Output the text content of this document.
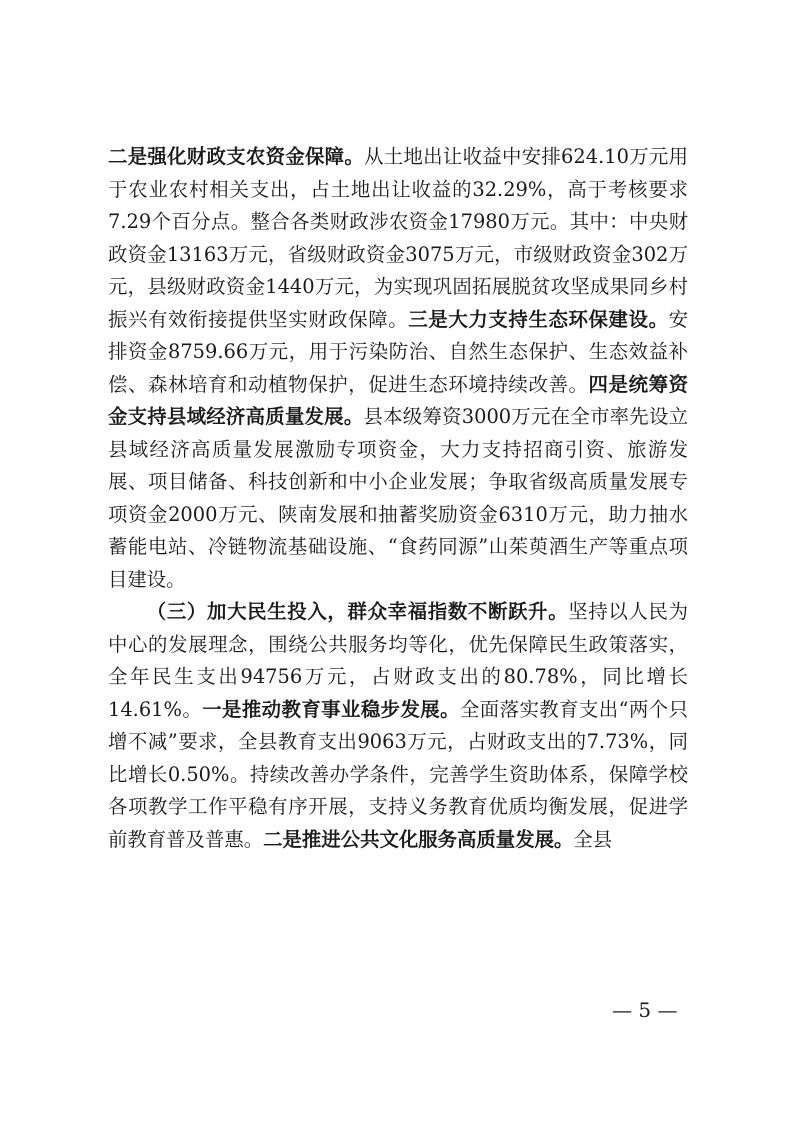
二是强化财政支农资金保障。从土地出让收益中安排624.10万元用于农业农村相关支出，占土地出让收益的32.29%，高于考核要求7.29个百分点。整合各类财政涉农资金17980万元。其中：中央财政资金13163万元，省级财政资金3075万元，市级财政资金302万元，县级财政资金1440万元，为实现巩固拓展脱贫攻坚成果同乡村振兴有效衔接提供坚实财政保障。三是大力支持生态环保建设。安排资金8759.66万元，用于污染防治、自然生态保护、生态效益补偿、森林培育和动植物保护，促进生态环境持续改善。四是统筹资金支持县域经济高质量发展。县本级筹资3000万元在全市率先设立县域经济高质量发展激励专项资金，大力支持招商引资、旅游发展、项目储备、科技创新和中小企业发展；争取省级高质量发展专项资金2000万元、陕南发展和抽蓄奖励资金6310万元，助力抽水蓄能电站、冷链物流基础设施、“食药同源”山茱萸酒生产等重点项目建设。

（三）加大民生投入，群众幸福指数不断跃升。坚持以人民为中心的发展理念，围绕公共服务均等化，优先保障民生政策落实，全年民生支出94756万元，占财政支出的80.78%，同比增长14.61%。一是推动教育事业稳步发展。全面落实教育支出“两个只增不减”要求，全县教育支出9063万元，占财政支出的7.73%，同比增长0.50%。持续改善办学条件，完善学生资助体系，保障学校各项教学工作平稳有序开展，支持义务教育优质均衡发展，促进学前教育普及普惠。二是推进公共文化服务高质量发展。全县

— 5 —
